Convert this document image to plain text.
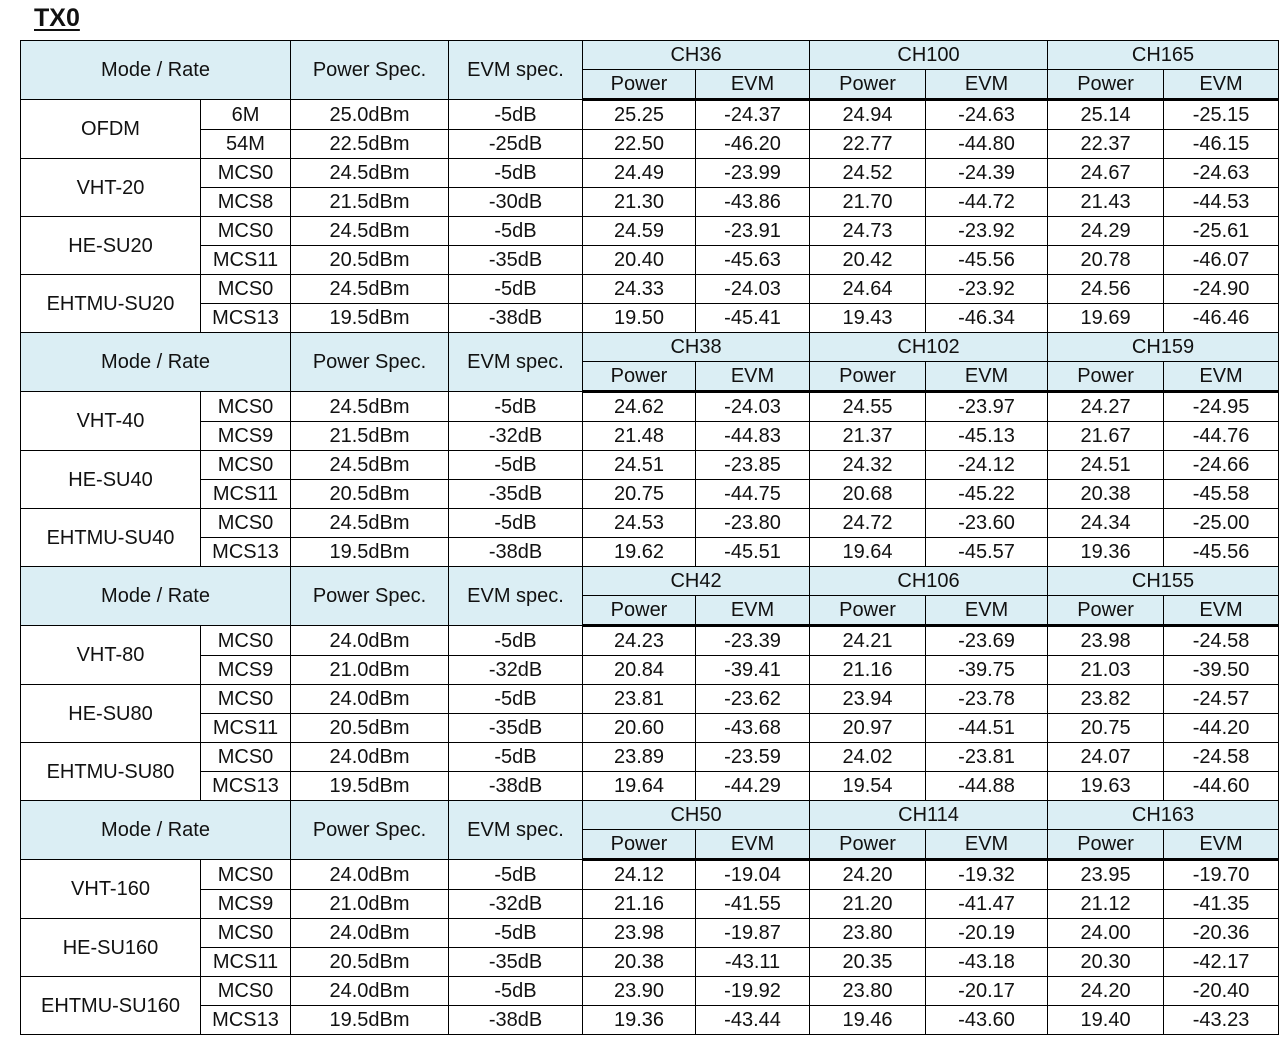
TX0
Mode / Rate		Power Spec.	EVM spec.	CH36		CH100		CH165	
				Power	EVM	Power	EVM	Power	EVM
OFDM	6M	25.0dBm	-5dB	25.25	-24.37	24.94	-24.63	25.14	-25.15
	54M	22.5dBm	-25dB	22.50	-46.20	22.77	-44.80	22.37	-46.15
VHT-20	MCS0	24.5dBm	-5dB	24.49	-23.99	24.52	-24.39	24.67	-24.63
	MCS8	21.5dBm	-30dB	21.30	-43.86	21.70	-44.72	21.43	-44.53
HE-SU20	MCS0	24.5dBm	-5dB	24.59	-23.91	24.73	-23.92	24.29	-25.61
	MCS11	20.5dBm	-35dB	20.40	-45.63	20.42	-45.56	20.78	-46.07
EHTMU-SU20	MCS0	24.5dBm	-5dB	24.33	-24.03	24.64	-23.92	24.56	-24.90
	MCS13	19.5dBm	-38dB	19.50	-45.41	19.43	-46.34	19.69	-46.46
Mode / Rate		Power Spec.	EVM spec.	CH38		CH102		CH159	
				Power	EVM	Power	EVM	Power	EVM
VHT-40	MCS0	24.5dBm	-5dB	24.62	-24.03	24.55	-23.97	24.27	-24.95
	MCS9	21.5dBm	-32dB	21.48	-44.83	21.37	-45.13	21.67	-44.76
HE-SU40	MCS0	24.5dBm	-5dB	24.51	-23.85	24.32	-24.12	24.51	-24.66
	MCS11	20.5dBm	-35dB	20.75	-44.75	20.68	-45.22	20.38	-45.58
EHTMU-SU40	MCS0	24.5dBm	-5dB	24.53	-23.80	24.72	-23.60	24.34	-25.00
	MCS13	19.5dBm	-38dB	19.62	-45.51	19.64	-45.57	19.36	-45.56
Mode / Rate		Power Spec.	EVM spec.	CH42		CH106		CH155	
				Power	EVM	Power	EVM	Power	EVM
VHT-80	MCS0	24.0dBm	-5dB	24.23	-23.39	24.21	-23.69	23.98	-24.58
	MCS9	21.0dBm	-32dB	20.84	-39.41	21.16	-39.75	21.03	-39.50
HE-SU80	MCS0	24.0dBm	-5dB	23.81	-23.62	23.94	-23.78	23.82	-24.57
	MCS11	20.5dBm	-35dB	20.60	-43.68	20.97	-44.51	20.75	-44.20
EHTMU-SU80	MCS0	24.0dBm	-5dB	23.89	-23.59	24.02	-23.81	24.07	-24.58
	MCS13	19.5dBm	-38dB	19.64	-44.29	19.54	-44.88	19.63	-44.60
Mode / Rate		Power Spec.	EVM spec.	CH50		CH114		CH163	
				Power	EVM	Power	EVM	Power	EVM
VHT-160	MCS0	24.0dBm	-5dB	24.12	-19.04	24.20	-19.32	23.95	-19.70
	MCS9	21.0dBm	-32dB	21.16	-41.55	21.20	-41.47	21.12	-41.35
HE-SU160	MCS0	24.0dBm	-5dB	23.98	-19.87	23.80	-20.19	24.00	-20.36
	MCS11	20.5dBm	-35dB	20.38	-43.11	20.35	-43.18	20.30	-42.17
EHTMU-SU160	MCS0	24.0dBm	-5dB	23.90	-19.92	23.80	-20.17	24.20	-20.40
	MCS13	19.5dBm	-38dB	19.36	-43.44	19.46	-43.60	19.40	-43.23
